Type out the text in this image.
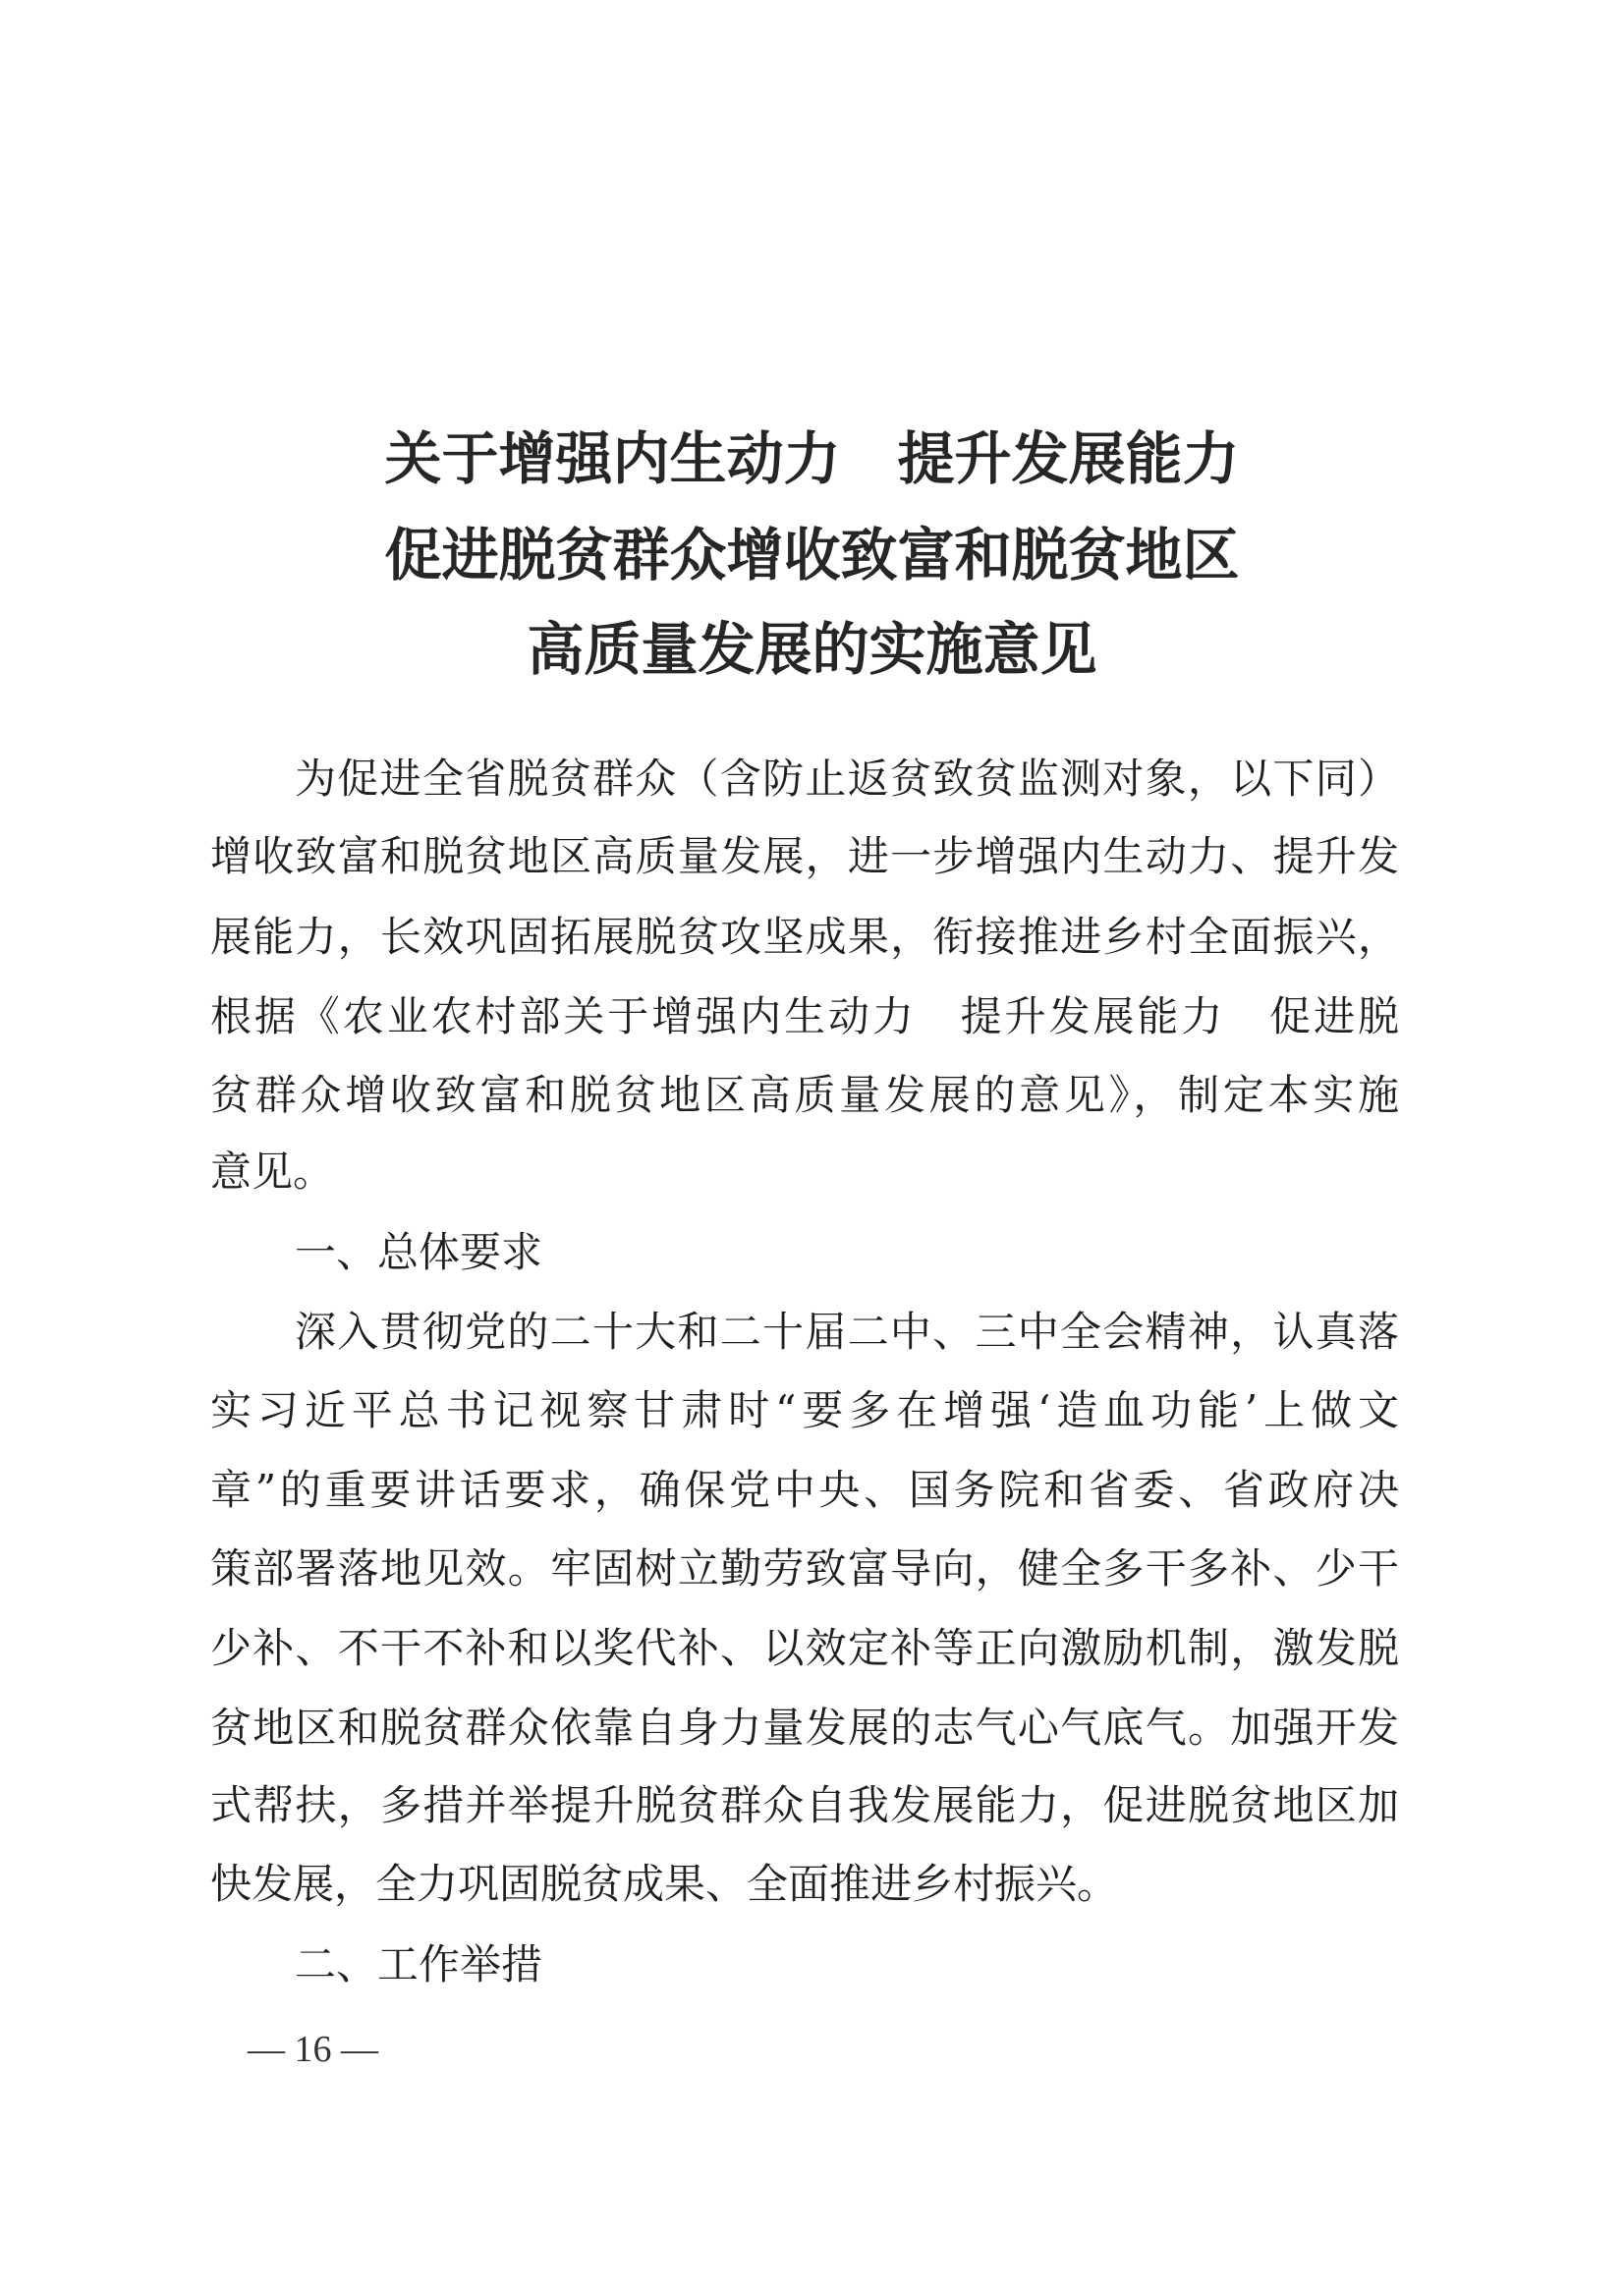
关于增强内生动力 提升发展能力
促进脱贫群众增收致富和脱贫地区
高质量发展的实施意见
为促进全省脱贫群众（含防止返贫致贫监测对象，以下同）
增收致富和脱贫地区高质量发展，进一步增强内生动力、提升发
展能力，长效巩固拓展脱贫攻坚成果，衔接推进乡村全面振兴，
根据《农业农村部关于增强内生动力　提升发展能力　促进脱
贫群众增收致富和脱贫地区高质量发展的意见》，制定本实施
意见。
一、总体要求
深入贯彻党的二十大和二十届二中、三中全会精神，认真落
实习近平总书记视察甘肃时“要多在增强‘造血功能’上做文
章”的重要讲话要求，确保党中央、国务院和省委、省政府决
策部署落地见效。牢固树立勤劳致富导向，健全多干多补、少干
少补、不干不补和以奖代补、以效定补等正向激励机制，激发脱
贫地区和脱贫群众依靠自身力量发展的志气心气底气。加强开发
式帮扶，多措并举提升脱贫群众自我发展能力，促进脱贫地区加
快发展，全力巩固脱贫成果、全面推进乡村振兴。
二、工作举措
— 16 —
